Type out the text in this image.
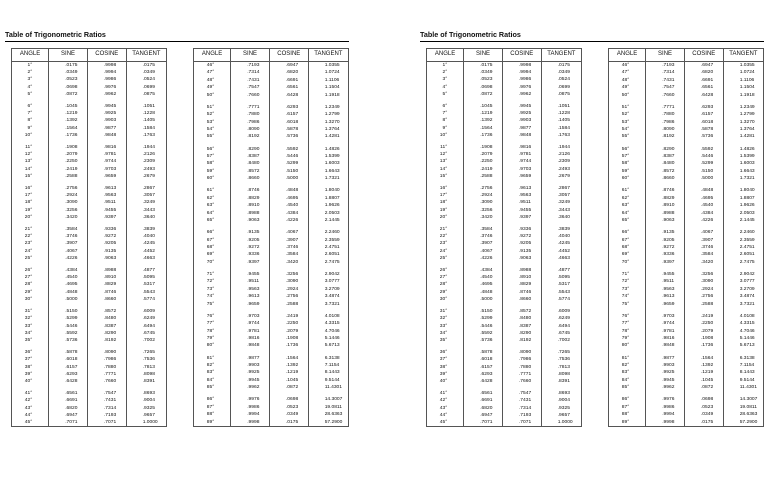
Table of Trigonometric Ratios
ANGLE	SINE	COSINE	TANGENT
1°	.0175	.9998	.0175
2°	.0349	.9994	.0349
3°	.0523	.9986	.0524
4°	.0698	.9976	.0699
5°	.0872	.9962	.0875

6°	.1045	.9945	.1051
7°	.1219	.9925	.1228
8°	.1392	.9903	.1405
9°	.1564	.9877	.1584
10°	.1736	.9848	.1763

11°	.1908	.9816	.1944
12°	.2079	.9781	.2126
13°	.2250	.9744	.2309
14°	.2419	.9703	.2493
15°	.2588	.9659	.2679

16°	.2756	.9613	.2867
17°	.2924	.9563	.3057
18°	.3090	.9511	.3249
19°	.3256	.9455	.3443
20°	.3420	.9397	.3640

21°	.3584	.9336	.3839
22°	.3746	.9272	.4040
23°	.3907	.9205	.4245
24°	.4067	.9135	.4452
25°	.4226	.9063	.4663

26°	.4384	.8988	.4877
27°	.4540	.8910	.5095
28°	.4695	.8829	.5317
29°	.4848	.8746	.5543
30°	.5000	.8660	.5774

31°	.5150	.8572	.6009
32°	.5299	.8480	.6249
33°	.5446	.8387	.6494
34°	.5592	.8290	.6745
35°	.5736	.8192	.7002

36°	.5878	.8090	.7265
37°	.6018	.7986	.7536
38°	.6157	.7880	.7813
39°	.6293	.7771	.8098
40°	.6428	.7660	.8391

41°	.6561	.7547	.8693
42°	.6691	.7431	.9004
43°	.6820	.7314	.9325
44°	.6947	.7193	.9657
45°	.7071	.7071	1.0000
ANGLE	SINE	COSINE	TANGENT
46°	.7193	.6947	1.0355
47°	.7314	.6820	1.0724
48°	.7431	.6691	1.1106
49°	.7547	.6561	1.1504
50°	.7660	.6428	1.1918

51°	.7771	.6293	1.2349
52°	.7880	.6157	1.2799
53°	.7986	.6018	1.3270
54°	.8090	.5878	1.3764
55°	.8192	.5736	1.4281

56°	.8290	.5592	1.4826
57°	.8387	.5446	1.5399
58°	.8480	.5299	1.6003
59°	.8572	.5150	1.6643
60°	.8660	.5000	1.7321

61°	.8746	.4848	1.8040
62°	.8829	.4695	1.8807
63°	.8910	.4540	1.9626
64°	.8988	.4384	2.0503
65°	.9063	.4226	2.1445

66°	.9135	.4067	2.2460
67°	.9205	.3907	2.3559
68°	.9272	.3746	2.4751
69°	.9336	.3584	2.6051
70°	.9397	.3420	2.7475

71°	.9455	.3256	2.9042
72°	.9511	.3090	3.0777
73°	.9563	.2924	3.2709
74°	.9613	.2756	3.4874
75°	.9659	.2588	3.7321

76°	.9703	.2419	4.0108
77°	.9744	.2250	4.3315
78°	.9781	.2079	4.7046
79°	.9816	.1908	5.1446
80°	.9848	.1736	5.6713

81°	.9877	.1564	6.3138
82°	.9903	.1392	7.1154
83°	.9925	.1219	8.1443
84°	.9945	.1045	9.5144
85°	.9962	.0872	11.4301

86°	.9976	.0698	14.3007
87°	.9986	.0523	19.0811
88°	.9994	.0349	28.6363
89°	.9998	.0175	57.2900
Table of Trigonometric Ratios
ANGLE	SINE	COSINE	TANGENT
1°	.0175	.9998	.0175
2°	.0349	.9994	.0349
3°	.0523	.9986	.0524
4°	.0698	.9976	.0699
5°	.0872	.9962	.0875

6°	.1045	.9945	.1051
7°	.1219	.9925	.1228
8°	.1392	.9903	.1405
9°	.1564	.9877	.1584
10°	.1736	.9848	.1763

11°	.1908	.9816	.1944
12°	.2079	.9781	.2126
13°	.2250	.9744	.2309
14°	.2419	.9703	.2493
15°	.2588	.9659	.2679

16°	.2756	.9613	.2867
17°	.2924	.9563	.3057
18°	.3090	.9511	.3249
19°	.3256	.9455	.3443
20°	.3420	.9397	.3640

21°	.3584	.9336	.3839
22°	.3746	.9272	.4040
23°	.3907	.9205	.4245
24°	.4067	.9135	.4452
25°	.4226	.9063	.4663

26°	.4384	.8988	.4877
27°	.4540	.8910	.5095
28°	.4695	.8829	.5317
29°	.4848	.8746	.5543
30°	.5000	.8660	.5774

31°	.5150	.8572	.6009
32°	.5299	.8480	.6249
33°	.5446	.8387	.6494
34°	.5592	.8290	.6745
35°	.5736	.8192	.7002

36°	.5878	.8090	.7265
37°	.6018	.7986	.7536
38°	.6157	.7880	.7813
39°	.6293	.7771	.8098
40°	.6428	.7660	.8391

41°	.6561	.7547	.8693
42°	.6691	.7431	.9004
43°	.6820	.7314	.9325
44°	.6947	.7193	.9657
45°	.7071	.7071	1.0000
ANGLE	SINE	COSINE	TANGENT
46°	.7193	.6947	1.0355
47°	.7314	.6820	1.0724
48°	.7431	.6691	1.1106
49°	.7547	.6561	1.1504
50°	.7660	.6428	1.1918

51°	.7771	.6293	1.2349
52°	.7880	.6157	1.2799
53°	.7986	.6018	1.3270
54°	.8090	.5878	1.3764
55°	.8192	.5736	1.4281

56°	.8290	.5592	1.4826
57°	.8387	.5446	1.5399
58°	.8480	.5299	1.6003
59°	.8572	.5150	1.6643
60°	.8660	.5000	1.7321

61°	.8746	.4848	1.8040
62°	.8829	.4695	1.8807
63°	.8910	.4540	1.9626
64°	.8988	.4384	2.0503
65°	.9063	.4226	2.1445

66°	.9135	.4067	2.2460
67°	.9205	.3907	2.3559
68°	.9272	.3746	2.4751
69°	.9336	.3584	2.6051
70°	.9397	.3420	2.7475

71°	.9455	.3256	2.9042
72°	.9511	.3090	3.0777
73°	.9563	.2924	3.2709
74°	.9613	.2756	3.4874
75°	.9659	.2588	3.7321

76°	.9703	.2419	4.0108
77°	.9744	.2250	4.3315
78°	.9781	.2079	4.7046
79°	.9816	.1908	5.1446
80°	.9848	.1736	5.6713

81°	.9877	.1564	6.3138
82°	.9903	.1392	7.1154
83°	.9925	.1219	8.1443
84°	.9945	.1045	9.5144
85°	.9962	.0872	11.4301

86°	.9976	.0698	14.3007
87°	.9986	.0523	19.0811
88°	.9994	.0349	28.6363
89°	.9998	.0175	57.2900
